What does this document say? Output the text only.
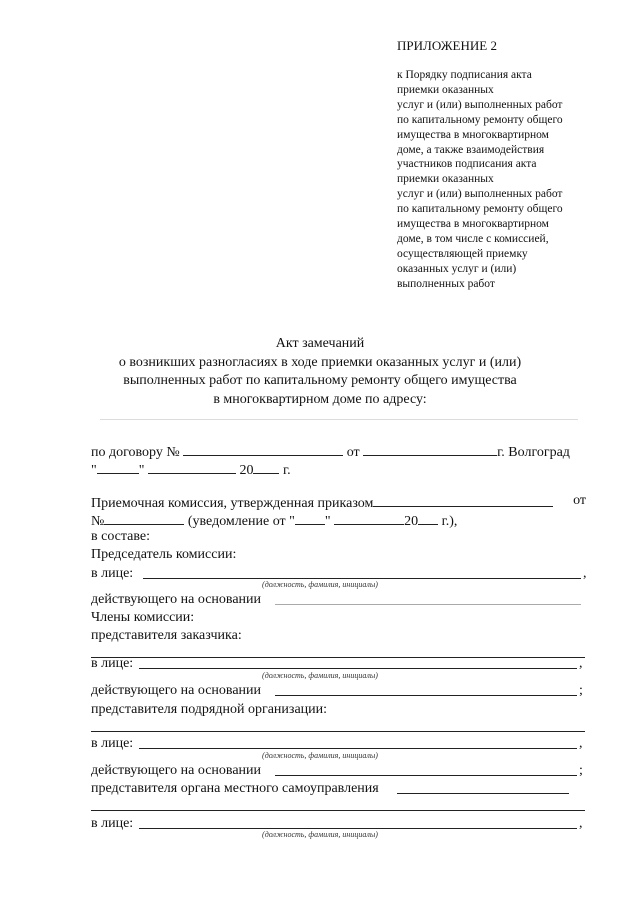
ПРИЛОЖЕНИЕ 2
к Порядку подписания акта
приемки оказанных
услуг и (или) выполненных работ
по капитальному ремонту общего
имущества в многоквартирном
доме, а также взаимодействия
участников подписания акта
приемки оказанных
услуг и (или) выполненных работ
по капитальному ремонту общего
имущества в многоквартирном
доме, в том числе с комиссией,
осуществляющей приемку
оказанных услуг и (или)
выполненных работ
Акт замечаний
о возникших разногласиях в ходе приемки оказанных услуг и (или)
выполненных работ по капитальному ремонту общего имущества
в многоквартирном доме по адресу:
по договору №	от	г. Волгоград
"	"	20 г.
Приемочная комиссия, утвержденная приказом	от
№	(уведомление от " "	20 г.),
в составе:
Председатель комиссии:
в лице:	,
(должность, фамилия, инициалы)
действующего на основании
Члены комиссии:
представителя заказчика:
в лице:	,
(должность, фамилия, инициалы)
действующего на основании	;
представителя подрядной организации:
в лице:	,
(должность, фамилия, инициалы)
действующего на основании	;
представителя органа местного самоуправления
в лице:	,
(должность, фамилия, инициалы)
